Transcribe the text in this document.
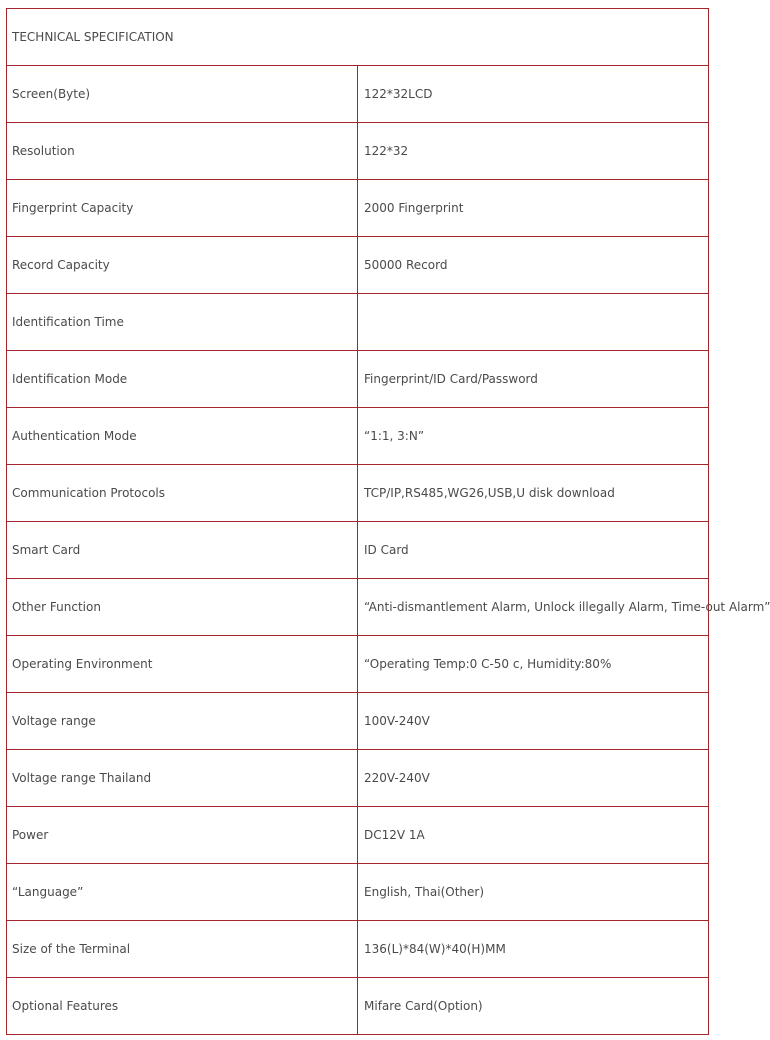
TECHNICAL SPECIFICATION	
Screen(Byte)	122*32LCD
Resolution	122*32
Fingerprint Capacity	2000 Fingerprint
Record Capacity	50000 Record
Identification Time	
Identification Mode	Fingerprint/ID Card/Password
Authentication Mode	“1:1, 3:N”
Communication Protocols	TCP/IP,RS485,WG26,USB,U disk download
Smart Card	ID Card
Other Function	“Anti-dismantlement Alarm, Unlock illegally Alarm, Time-out Alarm”
Operating Environment	“Operating Temp:0 C-50 c, Humidity:80%
Voltage range	100V-240V
Voltage range Thailand	220V-240V
Power	DC12V 1A
“Language”	English, Thai(Other)
Size of the Terminal	136(L)*84(W)*40(H)MM
Optional Features	Mifare Card(Option)
